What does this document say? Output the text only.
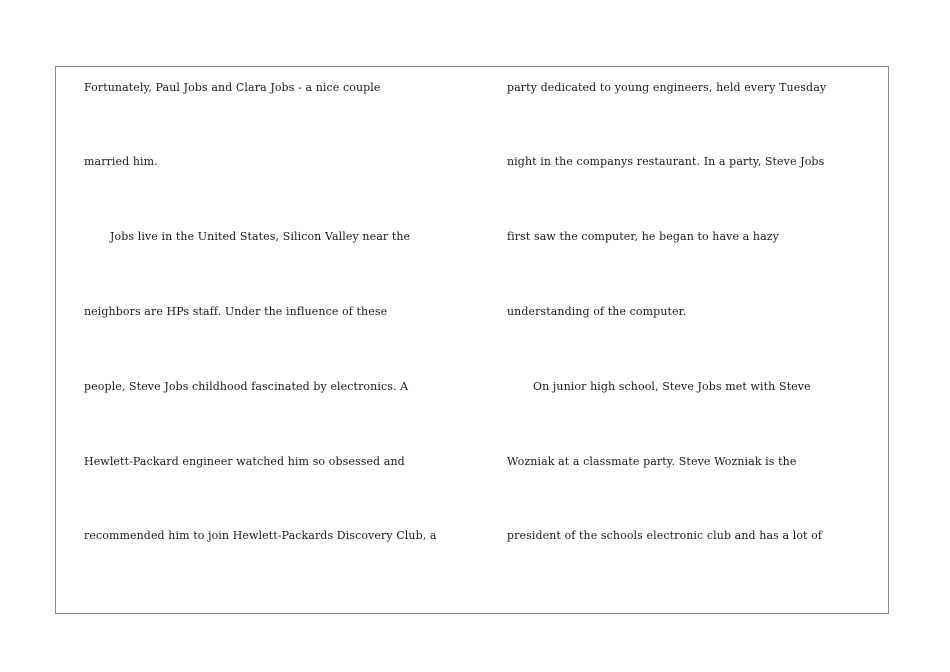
Fortunately, Paul Jobs and Clara Jobs - a nice couple
married him.
Jobs live in the United States, Silicon Valley near the
neighbors are HPs staff. Under the influence of these
people, Steve Jobs childhood fascinated by electronics. A
Hewlett-Packard engineer watched him so obsessed and
recommended him to join Hewlett-Packards Discovery Club, a
party dedicated to young engineers, held every Tuesday
night in the companys restaurant. In a party, Steve Jobs
first saw the computer, he began to have a hazy
understanding of the computer.
On junior high school, Steve Jobs met with Steve
Wozniak at a classmate party. Steve Wozniak is the
president of the schools electronic club and has a lot of
